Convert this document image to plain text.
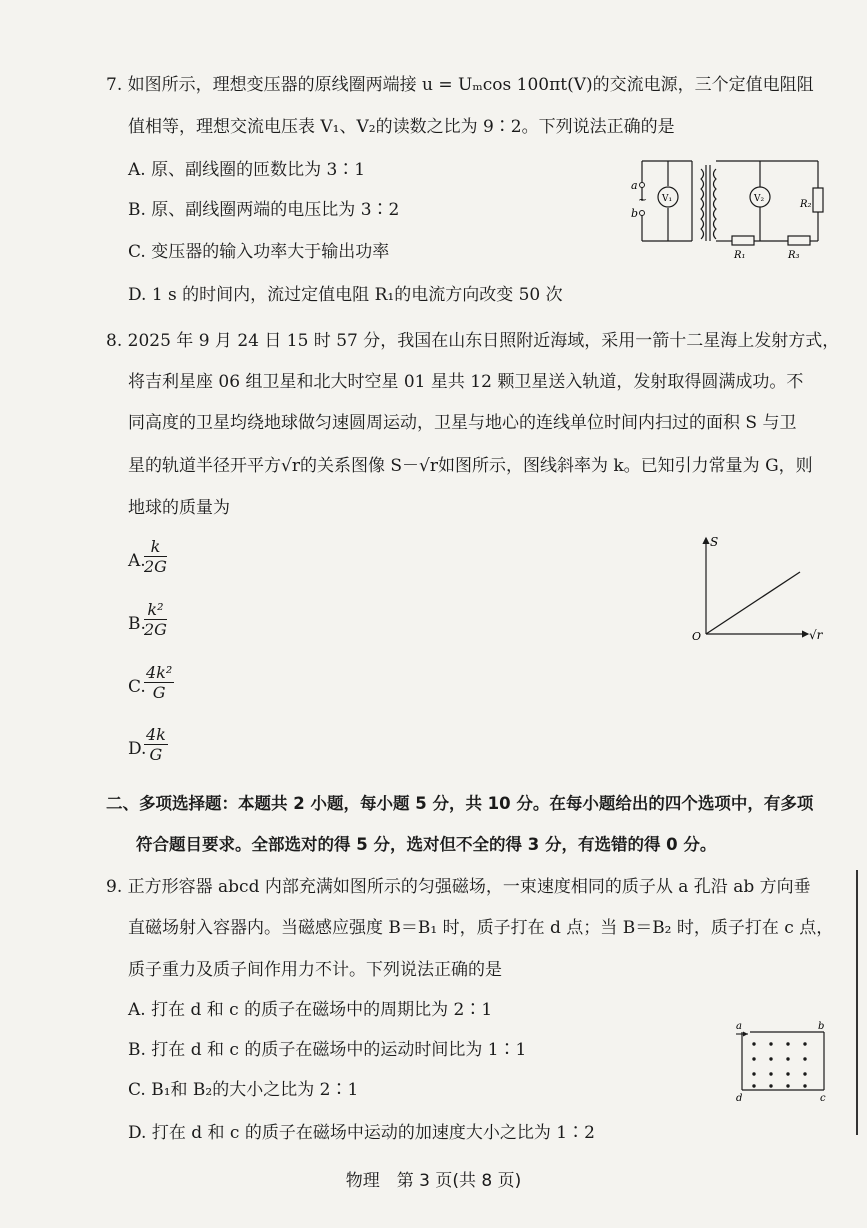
7. 如图所示，理想变压器的原线圈两端接 u = Uₘcos 100πt(V)的交流电源，三个定值电阻阻
值相等，理想交流电压表 V₁、V₂的读数之比为 9∶2。下列说法正确的是
A. 原、副线圈的匝数比为 3∶1
B. 原、副线圈两端的电压比为 3∶2
C. 变压器的输入功率大于输出功率
D. 1 s 的时间内，流过定值电阻 R₁的电流方向改变 50 次
a
b
~ V₁	V₂
R₁
R₂
R₃
8. 2025 年 9 月 24 日 15 时 57 分，我国在山东日照附近海域，采用一箭十二星海上发射方式，
将吉利星座 06 组卫星和北大时空星 01 星共 12 颗卫星送入轨道，发射取得圆满成功。不
同高度的卫星均绕地球做匀速圆周运动，卫星与地心的连线单位时间内扫过的面积 S 与卫
星的轨道半径开平方√r的关系图像 S－√r如图所示，图线斜率为 k。已知引力常量为 G，则
地球的质量为
A.
$\frac{k}{2G}$
B.
$\frac{\text{k²}}{2G}$
C.
$\frac{\text{4k²}}{G}$
D.
$\frac{4k}{G}$
S
√r
O
二、多项选择题：本题共 2 小题，每小题 5 分，共 10 分。在每小题给出的四个选项中，有多项
符合题目要求。全部选对的得 5 分，选对但不全的得 3 分，有选错的得 0 分。
9. 正方形容器 abcd 内部充满如图所示的匀强磁场，一束速度相同的质子从 a 孔沿 ab 方向垂
直磁场射入容器内。当磁感应强度 B＝B₁ 时，质子打在 d 点；当 B＝B₂ 时，质子打在 c 点，
质子重力及质子间作用力不计。下列说法正确的是
A. 打在 d 和 c 的质子在磁场中的周期比为 2∶1
B. 打在 d 和 c 的质子在磁场中的运动时间比为 1∶1
C. B₁和 B₂的大小之比为 2∶1
D. 打在 d 和 c 的质子在磁场中运动的加速度大小之比为 1∶2
a	b
c
d
物理　第 3 页(共 8 页)
